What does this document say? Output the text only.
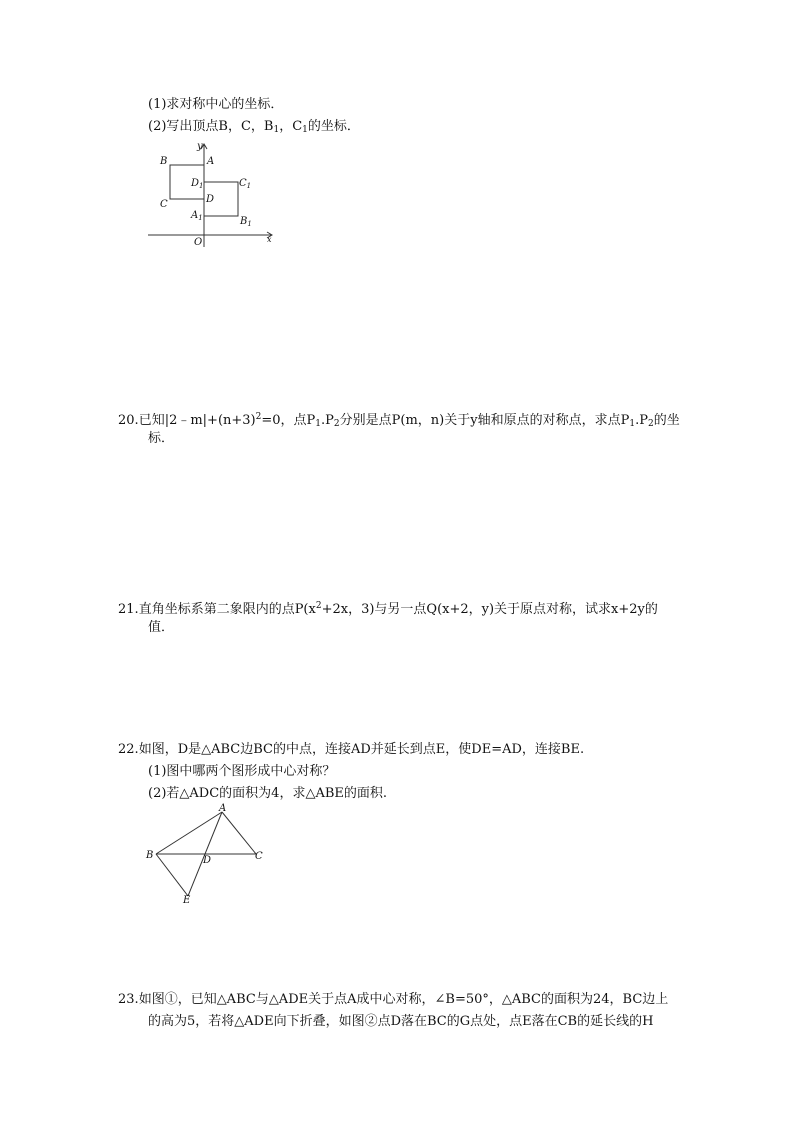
(1)求对称中心的坐标．
(2)写出顶点B，C，$B_1$，$C_1$的坐标．
y
A
B
$D_1$	$C_1$
D
C
$A_1$	$B_1$
O	x
20.已知$|2﹣m|+(n+3)^2=0$，点$P_1.P_2$分别是点P(m，n)关于y轴和原点的对称点，求点$P_1.P_2$的坐
标．
21.直角坐标系第二象限内的点$P(x^2+2x$，3)与另一点Q(x+2，y)关于原点对称，试求x+2y的
值．
22.如图，D是△ABC边BC的中点，连接AD并延长到点E，使DE=AD，连接BE.
(1)图中哪两个图形成中心对称？
(2)若△ADC的面积为4，求△ABE的面积.
A
B	D	C
E
23.如图①，已知△ABC与△ADE关于点A成中心对称，∠B=50°，△ABC的面积为24，BC边上
的高为5，若将△ADE向下折叠，如图②点D落在BC的G点处，点E落在CB的延长线的H
